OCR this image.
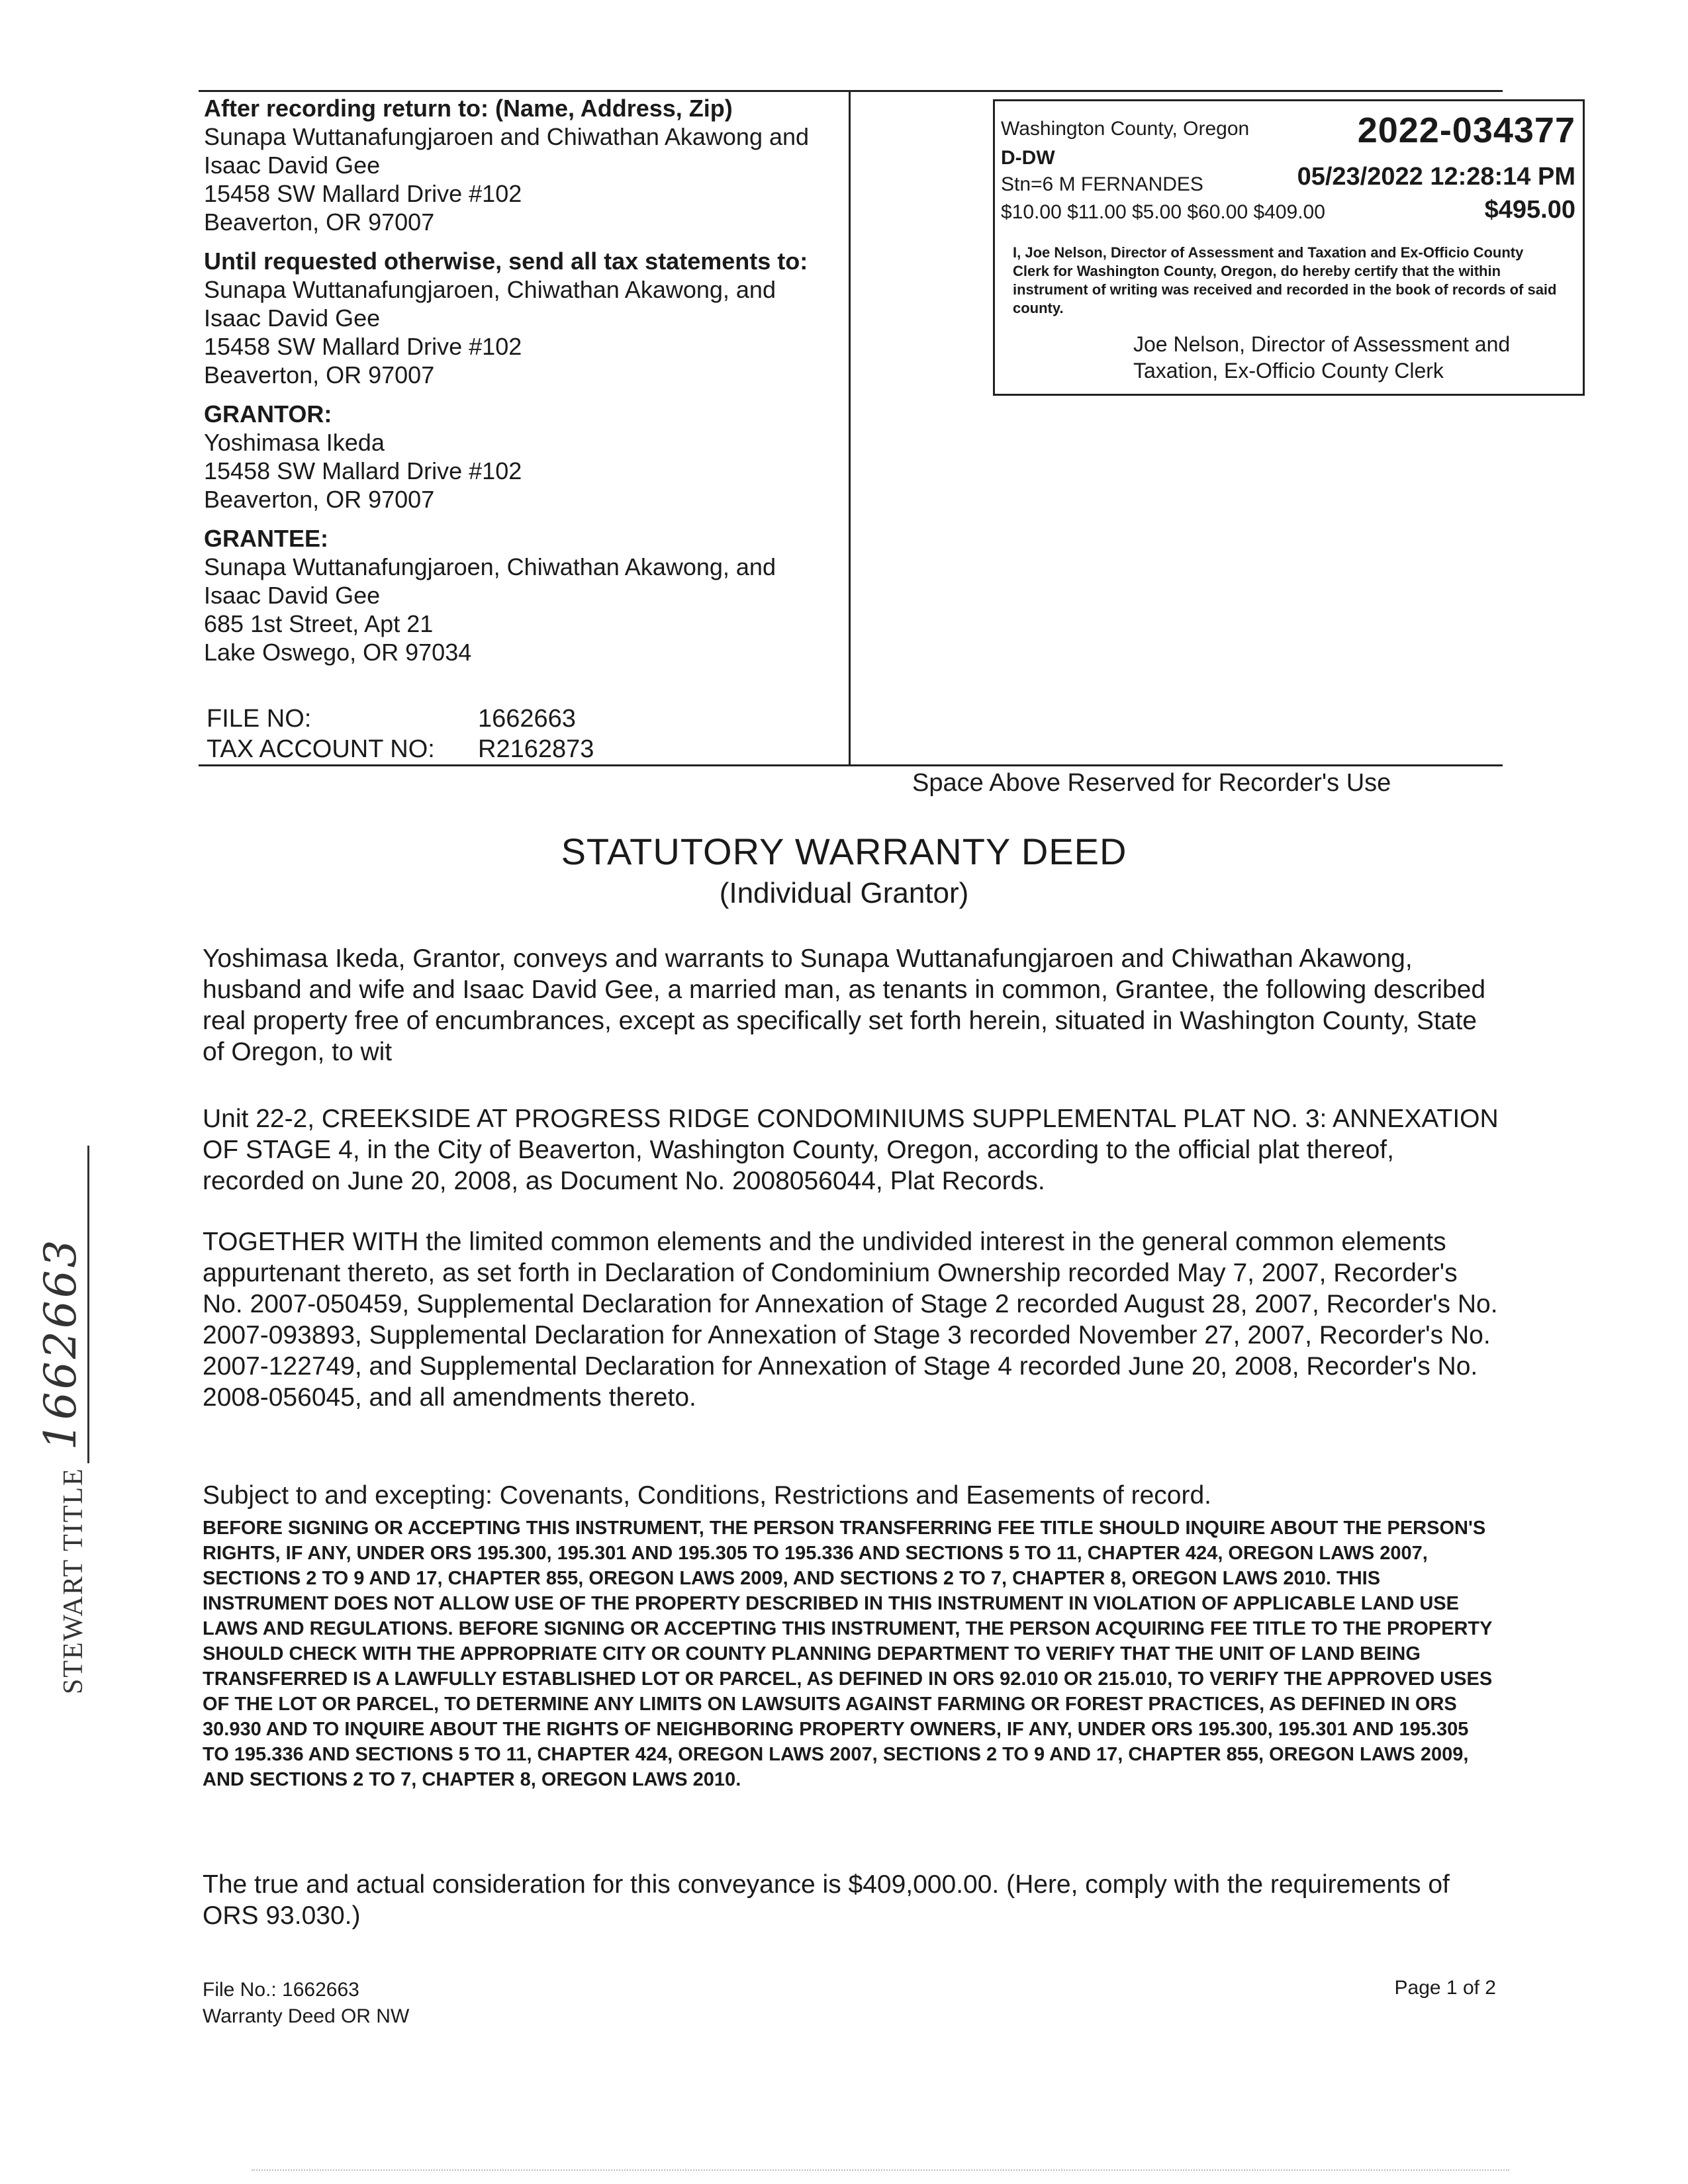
After recording return to: (Name, Address, Zip)
Sunapa Wuttanafungjaroen and Chiwathan Akawong and
Isaac David Gee
15458 SW Mallard Drive #102
Beaverton, OR 97007
Until requested otherwise, send all tax statements to:
Sunapa Wuttanafungjaroen, Chiwathan Akawong, and
Isaac David Gee
15458 SW Mallard Drive #102
Beaverton, OR 97007
GRANTOR:
Yoshimasa Ikeda
15458 SW Mallard Drive #102
Beaverton, OR 97007
GRANTEE:
Sunapa Wuttanafungjaroen, Chiwathan Akawong, and
Isaac David Gee
685 1st Street, Apt 21
Lake Oswego, OR 97034
FILE NO:	1662663
TAX ACCOUNT NO: R2162873
Washington County, Oregon	2022-034377
D-DW
Stn=6 M FERNANDES	05/23/2022 12:28:14 PM
$10.00 $11.00 $5.00 $60.00 $409.00	$495.00
I, Joe Nelson, Director of Assessment and Taxation and Ex-Officio County Clerk for Washington County, Oregon, do hereby certify that the within instrument of writing was received and recorded in the book of records of said county.
Joe Nelson, Director of Assessment and
Taxation, Ex-Officio County Clerk
Space Above Reserved for Recorder's Use
STATUTORY WARRANTY DEED
(Individual Grantor)
Yoshimasa Ikeda, Grantor, conveys and warrants to Sunapa Wuttanafungjaroen and Chiwathan Akawong, husband and wife and Isaac David Gee, a married man, as tenants in common, Grantee, the following described real property free of encumbrances, except as specifically set forth herein, situated in Washington County, State of Oregon, to wit
Unit 22-2, CREEKSIDE AT PROGRESS RIDGE CONDOMINIUMS SUPPLEMENTAL PLAT NO. 3: ANNEXATION OF STAGE 4, in the City of Beaverton, Washington County, Oregon, according to the official plat thereof, recorded on June 20, 2008, as Document No. 2008056044, Plat Records.
TOGETHER WITH the limited common elements and the undivided interest in the general common elements appurtenant thereto, as set forth in Declaration of Condominium Ownership recorded May 7, 2007, Recorder's No. 2007-050459, Supplemental Declaration for Annexation of Stage 2 recorded August 28, 2007, Recorder's No. 2007-093893, Supplemental Declaration for Annexation of Stage 3 recorded November 27, 2007, Recorder's No. 2007-122749, and Supplemental Declaration for Annexation of Stage 4 recorded June 20, 2008, Recorder's No. 2008-056045, and all amendments thereto.
Subject to and excepting: Covenants, Conditions, Restrictions and Easements of record.
BEFORE SIGNING OR ACCEPTING THIS INSTRUMENT, THE PERSON TRANSFERRING FEE TITLE SHOULD INQUIRE ABOUT THE PERSON'S RIGHTS, IF ANY, UNDER ORS 195.300, 195.301 AND 195.305 TO 195.336 AND SECTIONS 5 TO 11, CHAPTER 424, OREGON LAWS 2007, SECTIONS 2 TO 9 AND 17, CHAPTER 855, OREGON LAWS 2009, AND SECTIONS 2 TO 7, CHAPTER 8, OREGON LAWS 2010. THIS INSTRUMENT DOES NOT ALLOW USE OF THE PROPERTY DESCRIBED IN THIS INSTRUMENT IN VIOLATION OF APPLICABLE LAND USE LAWS AND REGULATIONS. BEFORE SIGNING OR ACCEPTING THIS INSTRUMENT, THE PERSON ACQUIRING FEE TITLE TO THE PROPERTY SHOULD CHECK WITH THE APPROPRIATE CITY OR COUNTY PLANNING DEPARTMENT TO VERIFY THAT THE UNIT OF LAND BEING TRANSFERRED IS A LAWFULLY ESTABLISHED LOT OR PARCEL, AS DEFINED IN ORS 92.010 OR 215.010, TO VERIFY THE APPROVED USES OF THE LOT OR PARCEL, TO DETERMINE ANY LIMITS ON LAWSUITS AGAINST FARMING OR FOREST PRACTICES, AS DEFINED IN ORS 30.930 AND TO INQUIRE ABOUT THE RIGHTS OF NEIGHBORING PROPERTY OWNERS, IF ANY, UNDER ORS 195.300, 195.301 AND 195.305 TO 195.336 AND SECTIONS 5 TO 11, CHAPTER 424, OREGON LAWS 2007, SECTIONS 2 TO 9 AND 17, CHAPTER 855, OREGON LAWS 2009, AND SECTIONS 2 TO 7, CHAPTER 8, OREGON LAWS 2010.
The true and actual consideration for this conveyance is $409,000.00. (Here, comply with the requirements of ORS 93.030.)
File No.: 1662663
Warranty Deed OR NW
Page 1 of 2
STEWART TITLE
1662663
